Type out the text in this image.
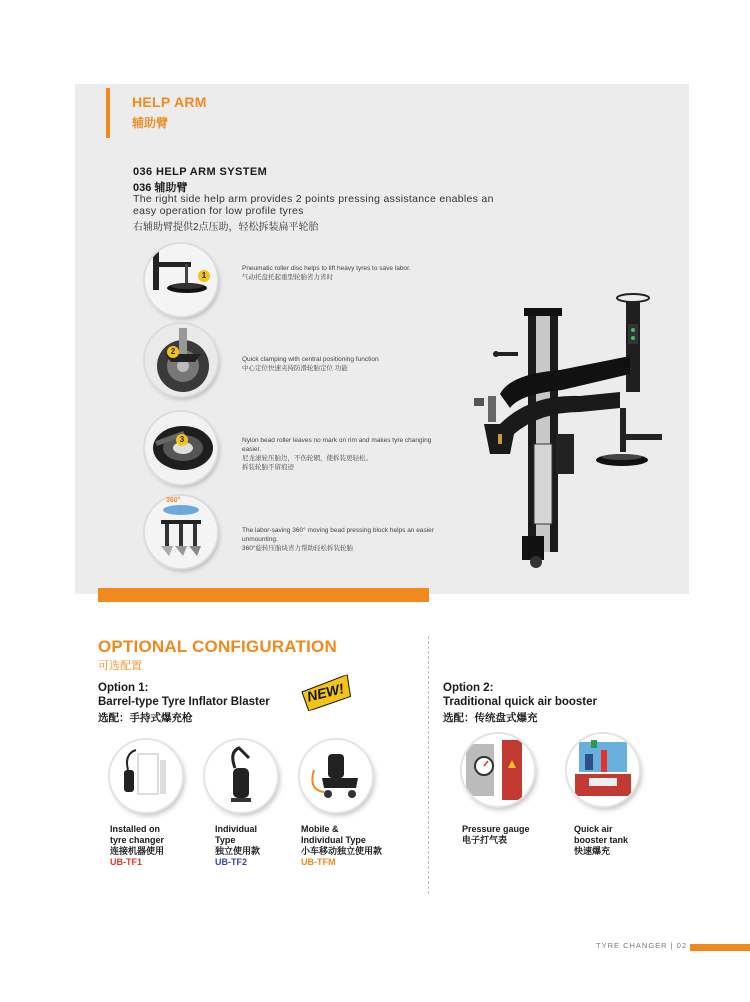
HELP ARM
辅助臂
036 HELP ARM SYSTEM
036 辅助臂
The right side help arm provides 2 points pressing assistance enables an easy operation for low profile tyres
右辅助臂提供2点压助，轻松拆装扁平轮胎
1
Pneumatic roller disc helps to lift heavy tyres to save labor.
气动托盘托起重型轮胎省力省时
2
Quick clamping with central positioning function
中心定位快速夹持防滑轮胎定位 功能
3	Nylon bead roller leaves no mark on rim and makes tyre changing easier.
尼龙滚轮压胎边，不伤轮辋，使拆装更轻松。
拆装轮胎不留痕迹
360°
The labor-saving 360° moving bead pressing block helps an easier unmounting.
360°旋转压胎块省力帮助轻松拆装轮胎
OPTIONAL CONFIGURATION
可选配置
Option 1:
Barrel-type Tyre Inflator Blaster
选配：手持式爆充枪
NEW!	Option 2:
Traditional quick air booster
选配：传统盘式爆充
Installed on
tyre changer
连接机器使用
UB-TF1
Individual
Type
独立使用款
UB-TF2
Mobile &
Individual Type
小车移动独立使用款
UB-TFM
Pressure gauge
电子打气表
Quick air
booster tank
快速爆充
TYRE CHANGER | 02
